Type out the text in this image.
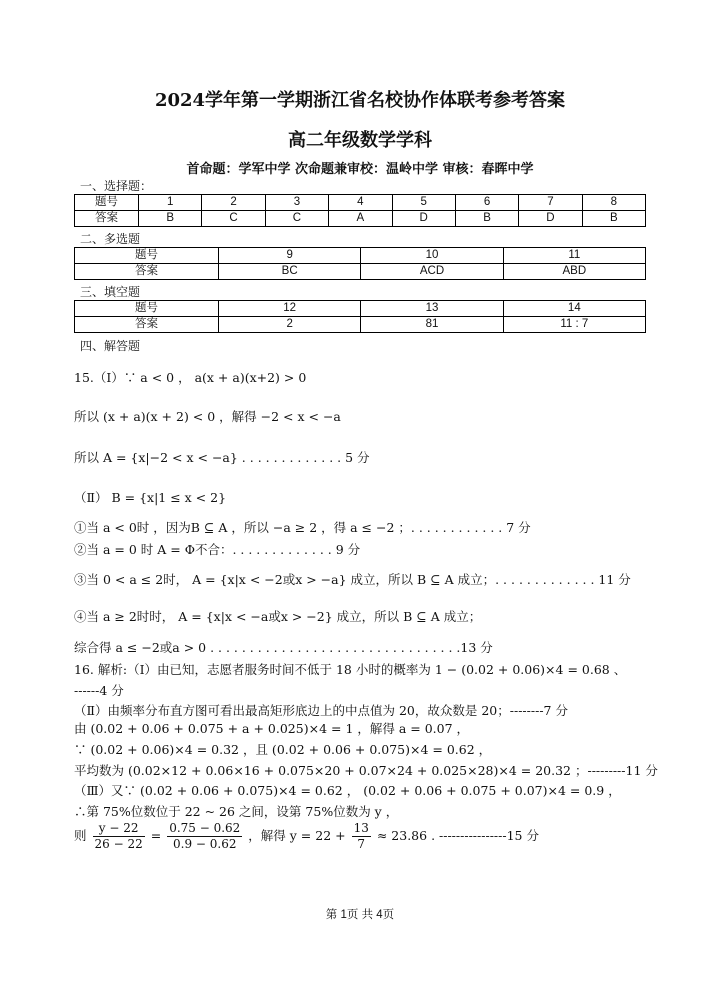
2024学年第一学期浙江省名校协作体联考参考答案
高二年级数学学科
首命题：学军中学 次命题兼审校：温岭中学 审核：春晖中学
一、选择题：
题号	1	2	3	4	5	6	7	8
答案	B	C	C	A	D	B	D	B
二、多选题
题号	9	10	11
答案	BC	ACD	ABD
三、填空题
题号	12	13	14
答案	2	81	11 : 7
四、解答题
15.（Ⅰ）∵ a < 0 ， a(x + a)(x+2) > 0
所以 (x + a)(x + 2) < 0 ，解得 −2 < x < −a
所以 A = {x|−2 < x < −a} . . . . . . . . . . . . . 5 分
（Ⅱ） B = {x|1 ≤ x < 2}
①当 a < 0时 ，因为B ⊆ A ，所以 −a ≥ 2 ，得 a ≤ −2 ；. . . . . . . . . . . . 7 分
②当 a = 0 时 A = Φ不合：. . . . . . . . . . . . . 9 分
③当 0 < a ≤ 2时， A = {x|x < −2或x > −a} 成立，所以 B ⊆ A 成立；. . . . . . . . . . . . . 11 分
④当 a ≥ 2时时， A = {x|x < −a或x > −2} 成立，所以 B ⊆ A 成立；
综合得 a ≤ −2或a > 0 . . . . . . . . . . . . . . . . . . . . . . . . . . . . . . . .13 分
16. 解析:（Ⅰ）由已知，志愿者服务时间不低于 18 小时的概率为 1 − (0.02 + 0.06)×4 = 0.68 、
------4 分
（Ⅱ）由频率分布直方图可看出最高矩形底边上的中点值为 20，故众数是 20；--------7 分
由 (0.02 + 0.06 + 0.075 + a + 0.025)×4 = 1 ，解得 a = 0.07 ，
∵ (0.02 + 0.06)×4 = 0.32 ，且 (0.02 + 0.06 + 0.075)×4 = 0.62 ，
平均数为 (0.02×12 + 0.06×16 + 0.075×20 + 0.07×24 + 0.025×28)×4 = 20.32 ；---------11 分
（Ⅲ）又∵ (0.02 + 0.06 + 0.075)×4 = 0.62 ， (0.02 + 0.06 + 0.075 + 0.07)×4 = 0.9 ，
∴第 75%位数位于 22 ~ 26 之间，设第 75%位数为 y ，
则 $\frac{y - 22}{26 - 22} = \frac{0.75 - 0.62}{0.9 - 0.62}$ ，解得 $y = 22 + \frac{13}{7} \approx 23.86$ . ----------------15 分
第 1页 共 4页
